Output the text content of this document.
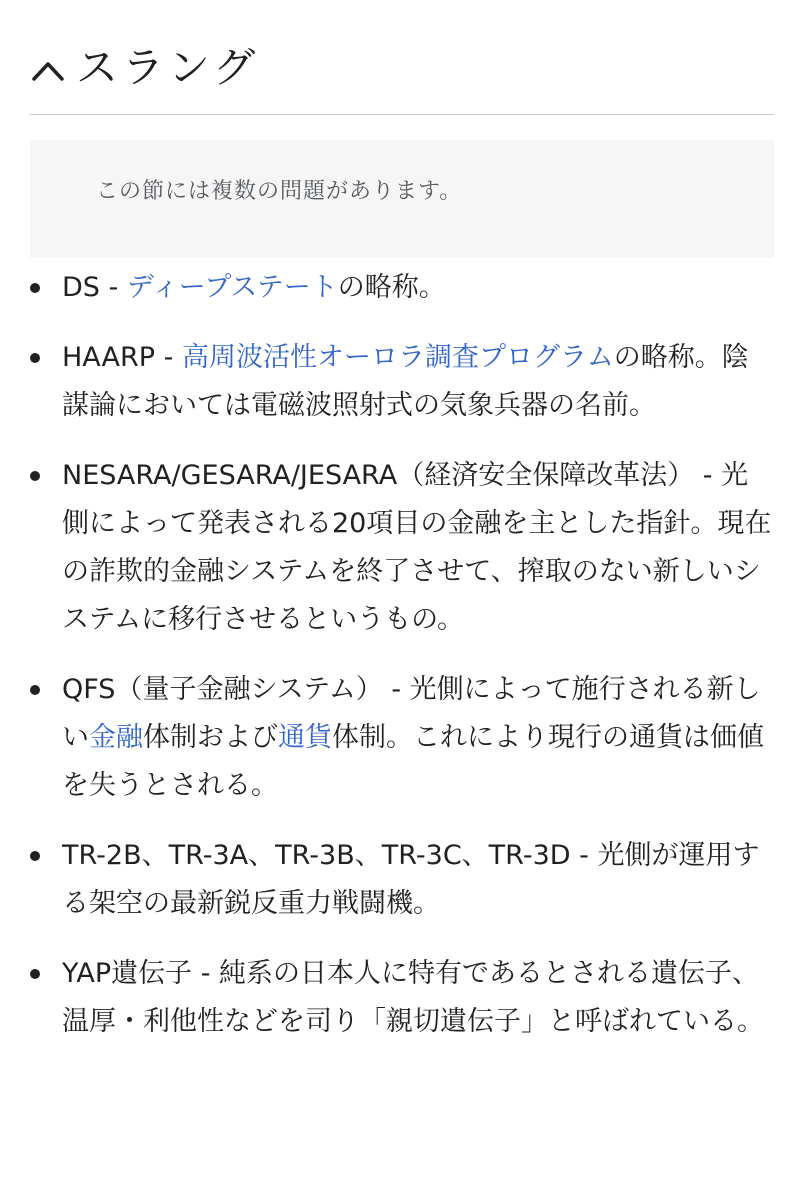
スラング
この節には複数の問題があります。
DS - ディープステートの略称。
HAARP - 高周波活性オーロラ調査プログラムの略称。陰謀論においては電磁波照射式の気象兵器の名前。
NESARA/GESARA/JESARA（経済安全保障改革法） - 光側によって発表される20項目の金融を主とした指針。現在の詐欺的金融システムを終了させて、搾取のない新しいシステムに移行させるというもの。
QFS（量子金融システム） - 光側によって施行される新しい金融体制および通貨体制。これにより現行の通貨は価値を失うとされる。
TR-2B、TR-3A、TR-3B、TR-3C、TR-3D - 光側が運用する架空の最新鋭反重力戦闘機。
YAP遺伝子 - 純系の日本人に特有であるとされる遺伝子、温厚・利他性などを司り「親切遺伝子」と呼ばれている。
